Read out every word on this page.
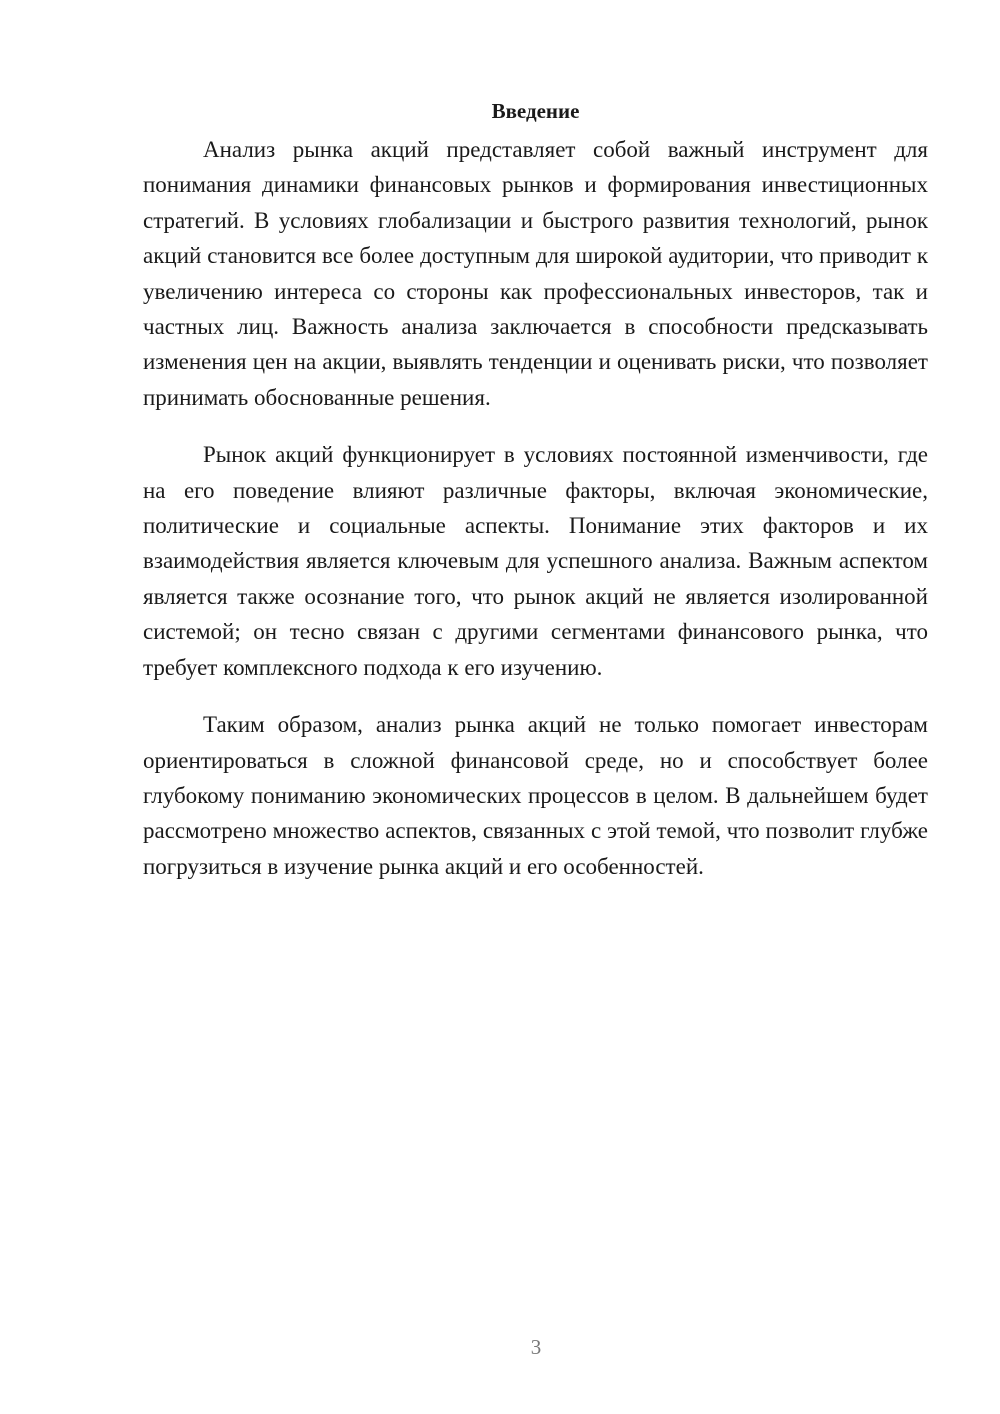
Введение

Анализ рынка акций представляет собой важный инструмент для понимания динамики финансовых рынков и формирования инвестиционных стратегий. В условиях глобализации и быстрого развития технологий, рынок акций становится все более доступным для широкой аудитории, что приводит к увеличению интереса со стороны как профессиональных инвесторов, так и частных лиц. Важность анализа заключается в способности предсказывать изменения цен на акции, выявлять тенденции и оценивать риски, что позволяет принимать обоснованные решения.

Рынок акций функционирует в условиях постоянной изменчивости, где на его поведение влияют различные факторы, включая экономические, политические и социальные аспекты. Понимание этих факторов и их взаимодействия является ключевым для успешного анализа. Важным аспектом является также осознание того, что рынок акций не является изолированной системой; он тесно связан с другими сегментами финансового рынка, что требует комплексного подхода к его изучению.

Таким образом, анализ рынка акций не только помогает инвесторам ориентироваться в сложной финансовой среде, но и способствует более глубокому пониманию экономических процессов в целом. В дальнейшем будет рассмотрено множество аспектов, связанных с этой темой, что позволит глубже погрузиться в изучение рынка акций и его особенностей.

3
